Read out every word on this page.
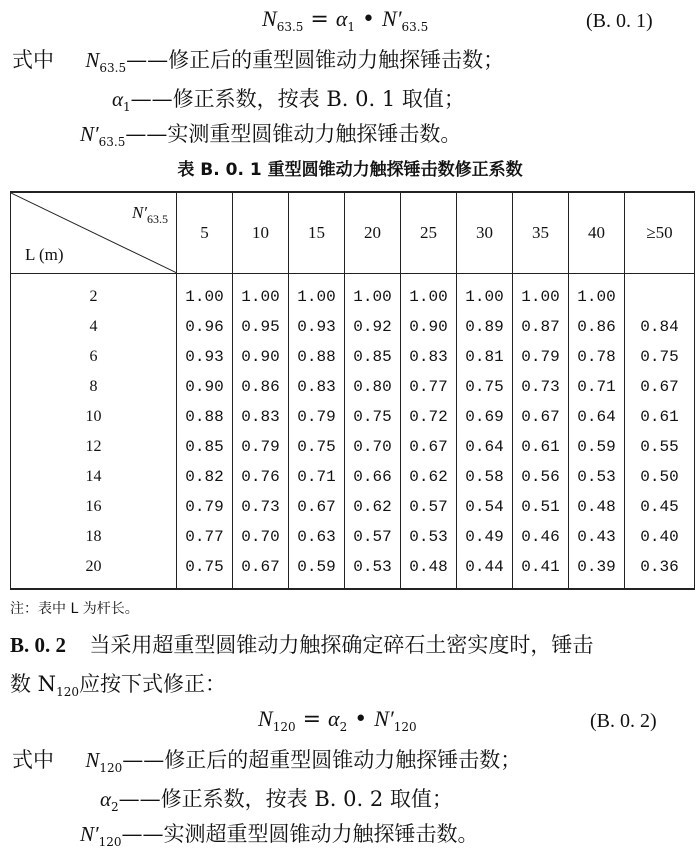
$N_{63.5} = \alpha_1$ • $N'_{63.5}$	(B. 0. 1)
式中 $N_{63.5}——$修正后的重型圆锥动力触探锤击数；
$\alpha_1——$修正系数，按表 B. 0. 1 取值；
$N'_{63.5}——$实测重型圆锥动力触探锤击数。
表 B. 0. 1 重型圆锥动力触探锤击数修正系数
$N'_{63.5}$
L (m)	5	10	15	20	25	30	35	40	≥50
2	1.00	1.00	1.00	1.00	1.00	1.00	1.00	1.00	
4	0.96	0.95	0.93	0.92	0.90	0.89	0.87	0.86	0.84
6	0.93	0.90	0.88	0.85	0.83	0.81	0.79	0.78	0.75
8	0.90	0.86	0.83	0.80	0.77	0.75	0.73	0.71	0.67
10	0.88	0.83	0.79	0.75	0.72	0.69	0.67	0.64	0.61
12	0.85	0.79	0.75	0.70	0.67	0.64	0.61	0.59	0.55
14	0.82	0.76	0.71	0.66	0.62	0.58	0.56	0.53	0.50
16	0.79	0.73	0.67	0.62	0.57	0.54	0.51	0.48	0.45
18	0.77	0.70	0.63	0.57	0.53	0.49	0.46	0.43	0.40
20	0.75	0.67	0.59	0.53	0.48	0.44	0.41	0.39	0.36
注：表中 L 为杆长。
B. 0. 2 当采用超重型圆锥动力触探确定碎石土密实度时，锤击
数 $N_{120}$应按下式修正：
$N_{120} = \alpha_2$ • $N'_{120}$	(B. 0. 2)
式中 $N_{120}——$修正后的超重型圆锥动力触探锤击数；
$\alpha_2——$修正系数，按表 B. 0. 2 取值；
$N'_{120}——$实测超重型圆锥动力触探锤击数。
